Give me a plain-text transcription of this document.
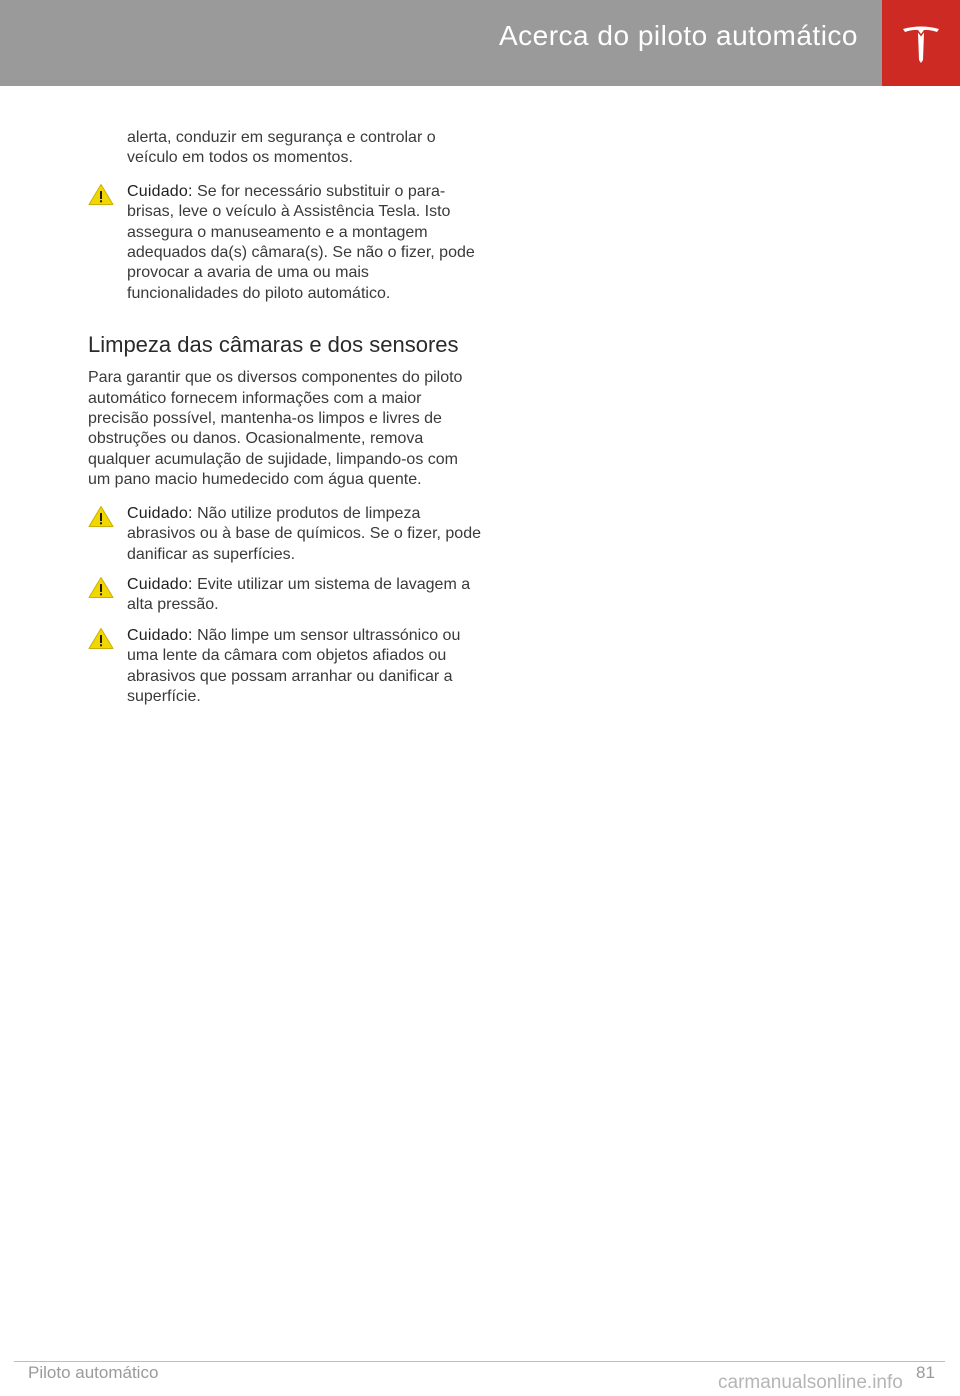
Acerca do piloto automático

alerta, conduzir em segurança e controlar o veículo em todos os momentos.

Cuidado: Se for necessário substituir o para-brisas, leve o veículo à Assistência Tesla. Isto assegura o manuseamento e a montagem adequados da(s) câmara(s). Se não o fizer, pode provocar a avaria de uma ou mais funcionalidades do piloto automático.

Limpeza das câmaras e dos sensores

Para garantir que os diversos componentes do piloto automático fornecem informações com a maior precisão possível, mantenha-os limpos e livres de obstruções ou danos. Ocasionalmente, remova qualquer acumulação de sujidade, limpando-os com um pano macio humedecido com água quente.

Cuidado: Não utilize produtos de limpeza abrasivos ou à base de químicos. Se o fizer, pode danificar as superfícies.

Cuidado: Evite utilizar um sistema de lavagem a alta pressão.

Cuidado: Não limpe um sensor ultrassónico ou uma lente da câmara com objetos afiados ou abrasivos que possam arranhar ou danificar a superfície.

Piloto automático	81
carmanualsonline.info
